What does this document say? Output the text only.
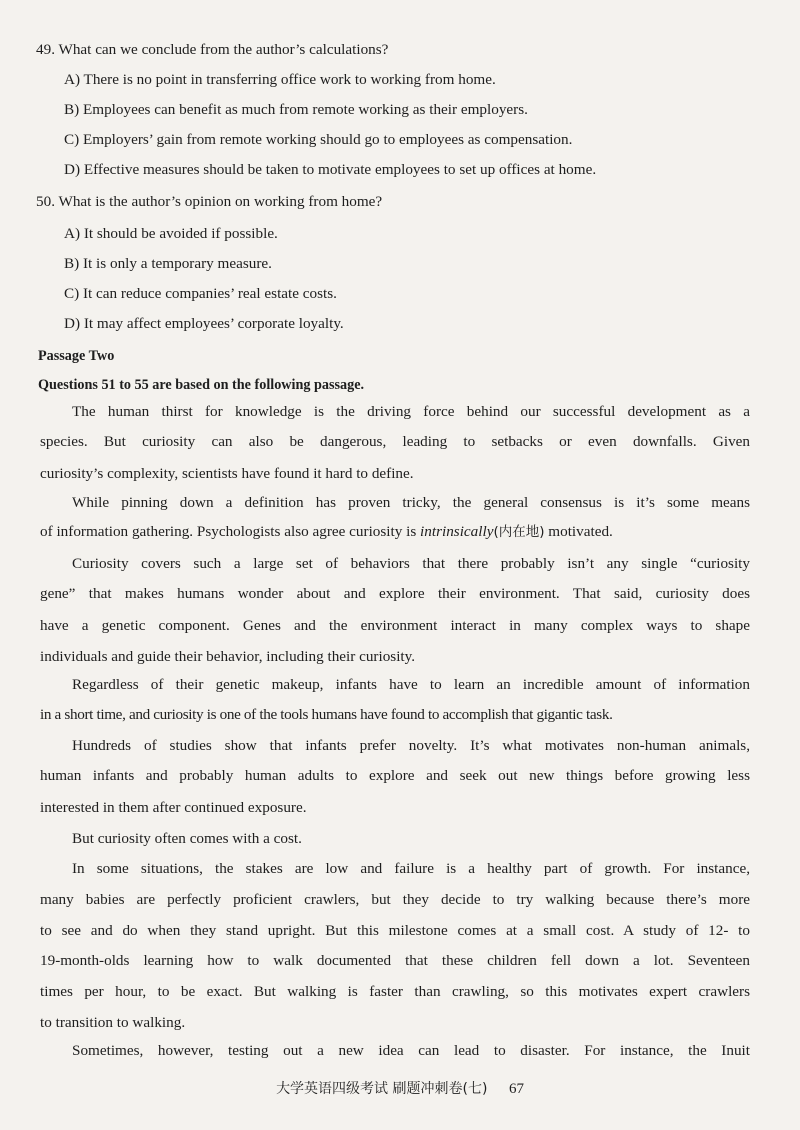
49. What can we conclude from the author’s calculations?
A) There is no point in transferring office work to working from home.
B) Employees can benefit as much from remote working as their employers.
C) Employers’ gain from remote working should go to employees as compensation.
D) Effective measures should be taken to motivate employees to set up offices at home.
50. What is the author’s opinion on working from home?
A) It should be avoided if possible.
B) It is only a temporary measure.
C) It can reduce companies’ real estate costs.
D) It may affect employees’ corporate loyalty.
Passage Two
Questions 51 to 55 are based on the following passage.
The human thirst for knowledge is the driving force behind our successful development as a
species. But curiosity can also be dangerous, leading to setbacks or even downfalls. Given
curiosity’s complexity, scientists have found it hard to define.
While pinning down a definition has proven tricky, the general consensus is it’s some means
of information gathering. Psychologists also agree curiosity is intrinsically(内在地) motivated.
Curiosity covers such a large set of behaviors that there probably isn’t any single “curiosity
gene” that makes humans wonder about and explore their environment. That said, curiosity does
have a genetic component. Genes and the environment interact in many complex ways to shape
individuals and guide their behavior, including their curiosity.
Regardless of their genetic makeup, infants have to learn an incredible amount of information
in a short time, and curiosity is one of the tools humans have found to accomplish that gigantic task.
Hundreds of studies show that infants prefer novelty. It’s what motivates non-human animals,
human infants and probably human adults to explore and seek out new things before growing less
interested in them after continued exposure.
But curiosity often comes with a cost.
In some situations, the stakes are low and failure is a healthy part of growth. For instance,
many babies are perfectly proficient crawlers, but they decide to try walking because there’s more
to see and do when they stand upright. But this milestone comes at a small cost. A study of 12- to
19-month-olds learning how to walk documented that these children fell down a lot. Seventeen
times per hour, to be exact. But walking is faster than crawling, so this motivates expert crawlers
to transition to walking.
Sometimes, however, testing out a new idea can lead to disaster. For instance, the Inuit
大学英语四级考试 刷题冲刺卷(七) 67
